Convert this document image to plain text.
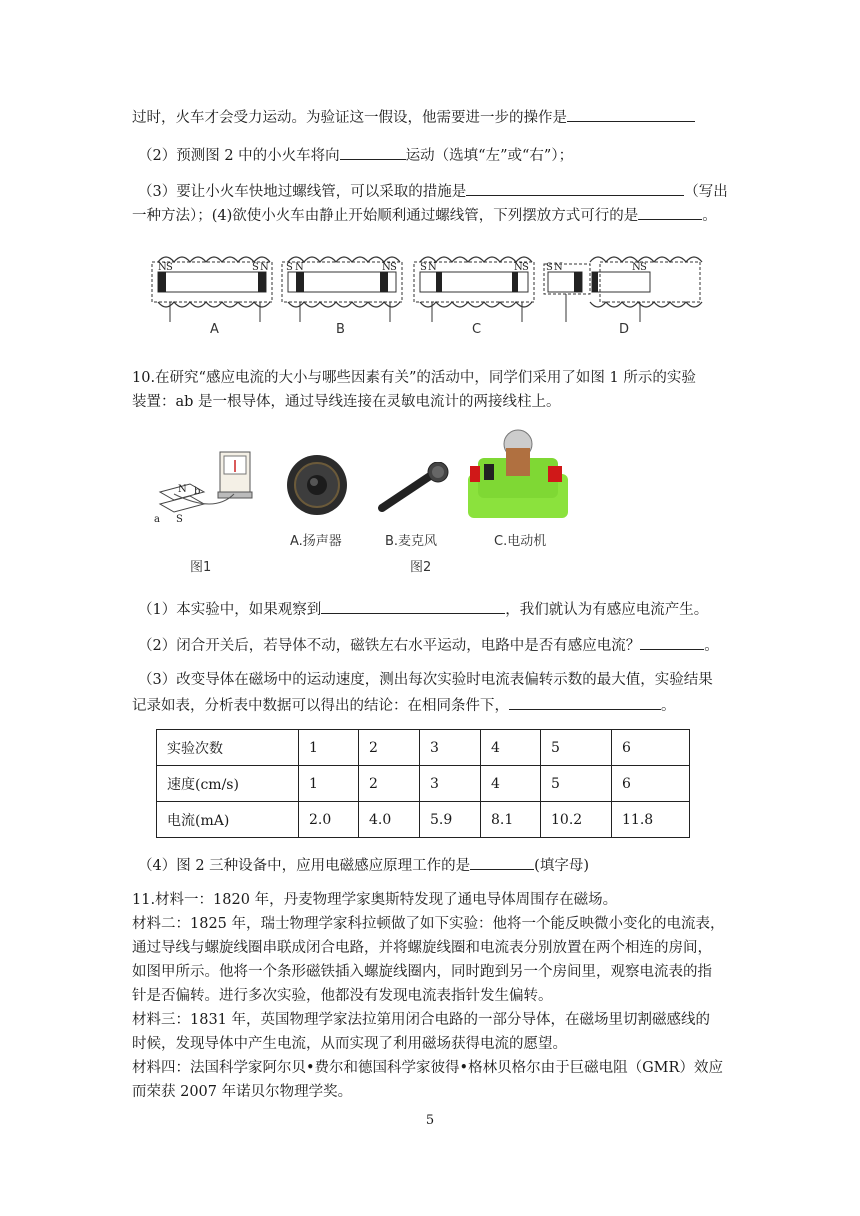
过时，火车才会受力运动。为验证这一假设，他需要进一步的操作是
（2）预测图 2 中的小火车将向	运动（选填“左”或“右”）；
（3）要让小火车快地过螺线管，可以采取的措施是	（写出
一种方法）；(4)欲使小火车由静止开始顺利通过螺线管，下列摆放方式可行的是	。
N S	S N S N	N S S N	N S S N	N S
A	B	C	D
10.在研究“感应电流的大小与哪些因素有关”的活动中，同学们采用了如图 1 所示的实验
装置：ab 是一根导体，通过导线连接在灵敏电流计的两接线柱上。
N b
S
a
A.扬声器	B.麦克风	C.电动机
图1	图2
（1）本实验中，如果观察到	，我们就认为有感应电流产生。
（2）闭合开关后，若导体不动，磁铁左右水平运动，电路中是否有感应电流？	。
（3）改变导体在磁场中的运动速度，测出每次实验时电流表偏转示数的最大值，实验结果
记录如表，分析表中数据可以得出的结论：在相同条件下，	。
实验次数	1	2	3	4	5	6
速度(cm/s)	1	2	3	4	5	6
电流(mA)	2.0	4.0	5.9	8.1	10.2	11.8
（4）图 2 三种设备中，应用电磁感应原理工作的是	(填字母)
11.材料一：1820 年，丹麦物理学家奥斯特发现了通电导体周围存在磁场。
材料二：1825 年，瑞士物理学家科拉顿做了如下实验：他将一个能反映微小变化的电流表，
通过导线与螺旋线圈串联成闭合电路，并将螺旋线圈和电流表分别放置在两个相连的房间，
如图甲所示。他将一个条形磁铁插入螺旋线圈内，同时跑到另一个房间里，观察电流表的指
针是否偏转。进行多次实验，他都没有发现电流表指针发生偏转。
材料三：1831 年，英国物理学家法拉第用闭合电路的一部分导体，在磁场里切割磁感线的
时候，发现导体中产生电流，从而实现了利用磁场获得电流的愿望。
材料四：法国科学家阿尔贝•费尔和德国科学家彼得•格林贝格尔由于巨磁电阻（GMR）效应
而荣获 2007 年诺贝尔物理学奖。
5
